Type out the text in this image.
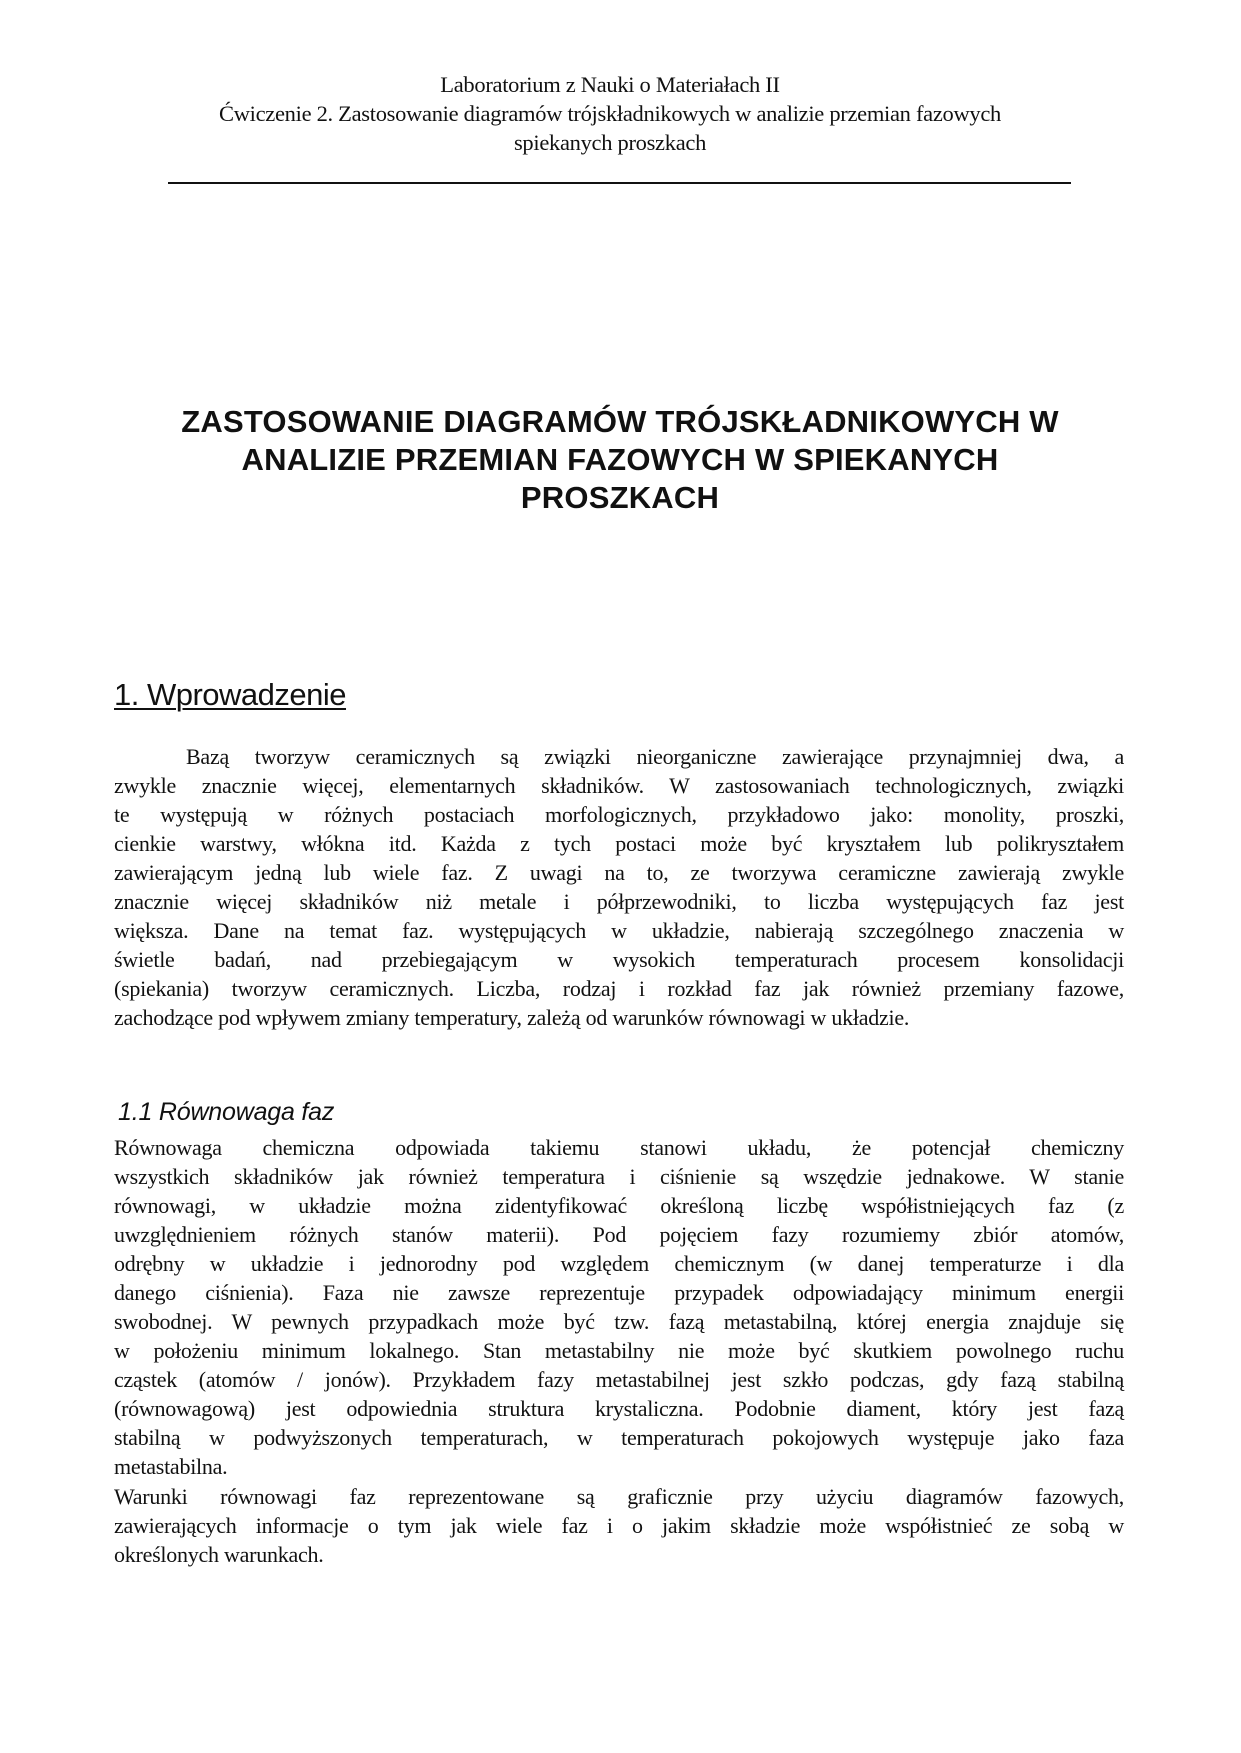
Laboratorium z Nauki o Materiałach II
Ćwiczenie 2. Zastosowanie diagramów trójskładnikowych w analizie przemian fazowych
spiekanych proszkach
ZASTOSOWANIE DIAGRAMÓW TRÓJSKŁADNIKOWYCH W
ANALIZIE PRZEMIAN FAZOWYCH W SPIEKANYCH
PROSZKACH
1. Wprowadzenie
Bazą tworzyw ceramicznych są związki nieorganiczne zawierające przynajmniej dwa, a
zwykle znacznie więcej, elementarnych składników. W zastosowaniach technologicznych, związki
te występują w różnych postaciach morfologicznych, przykładowo jako: monolity, proszki,
cienkie warstwy, włókna itd. Każda z tych postaci może być kryształem lub polikryształem
zawierającym jedną lub wiele faz. Z uwagi na to, ze tworzywa ceramiczne zawierają zwykle
znacznie więcej składników niż metale i półprzewodniki, to liczba występujących faz jest
większa. Dane na temat faz. występujących w układzie, nabierają szczególnego znaczenia w
świetle badań, nad przebiegającym w wysokich temperaturach procesem konsolidacji
(spiekania) tworzyw ceramicznych. Liczba, rodzaj i rozkład faz jak również przemiany fazowe,
zachodzące pod wpływem zmiany temperatury, zależą od warunków równowagi w układzie.
1.1 Równowaga faz
Równowaga chemiczna odpowiada takiemu stanowi układu, że potencjał chemiczny
wszystkich składników jak również temperatura i ciśnienie są wszędzie jednakowe. W stanie
równowagi, w układzie można zidentyfikować określoną liczbę współistniejących faz (z
uwzględnieniem różnych stanów materii). Pod pojęciem fazy rozumiemy zbiór atomów,
odrębny w układzie i jednorodny pod względem chemicznym (w danej temperaturze i dla
danego ciśnienia). Faza nie zawsze reprezentuje przypadek odpowiadający minimum energii
swobodnej. W pewnych przypadkach może być tzw. fazą metastabilną, której energia znajduje się
w położeniu minimum lokalnego. Stan metastabilny nie może być skutkiem powolnego ruchu
cząstek (atomów / jonów). Przykładem fazy metastabilnej jest szkło podczas, gdy fazą stabilną
(równowagową) jest odpowiednia struktura krystaliczna. Podobnie diament, który jest fazą
stabilną w podwyższonych temperaturach, w temperaturach pokojowych występuje jako faza
metastabilna.
Warunki równowagi faz reprezentowane są graficznie przy użyciu diagramów fazowych,
zawierających informacje o tym jak wiele faz i o jakim składzie może współistnieć ze sobą w
określonych warunkach.
